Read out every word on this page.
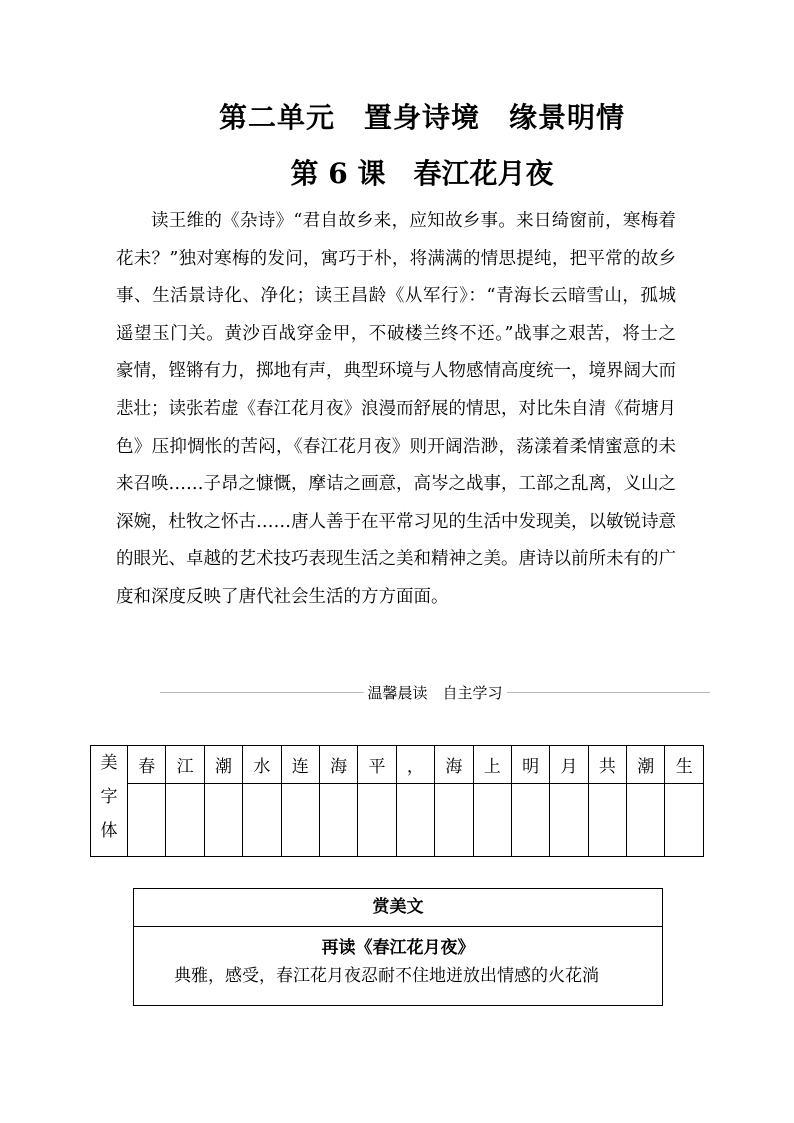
第二单元　置身诗境　缘景明情
第 6 课　春江花月夜

读王维的《杂诗》“君自故乡来，应知故乡事。来日绮窗前，寒梅着花未？”独对寒梅的发问，寓巧于朴，将满满的情思提纯，把平常的故乡事、生活景诗化、净化；读王昌龄《从军行》：“青海长云暗雪山，孤城遥望玉门关。黄沙百战穿金甲，不破楼兰终不还。”战事之艰苦，将士之豪情，铿锵有力，掷地有声，典型环境与人物感情高度统一，境界阔大而悲壮；读张若虚《春江花月夜》浪漫而舒展的情思，对比朱自清《荷塘月色》压抑惆怅的苦闷，《春江花月夜》则开阔浩渺，荡漾着柔情蜜意的未来召唤……子昂之慷慨，摩诘之画意，高岑之战事，工部之乱离，义山之深婉，杜牧之怀古……唐人善于在平常习见的生活中发现美，以敏锐诗意的眼光、卓越的艺术技巧表现生活之美和精神之美。唐诗以前所未有的广度和深度反映了唐代社会生活的方方面面。

温馨晨读　自主学习
美
字
体	春	江	潮	水	连	海	平	，	海	上	明	月	共	潮	生

赏美文
再读《春江花月夜》
典雅，感受，春江花月夜忍耐不住地迸放出情感的火花淌
